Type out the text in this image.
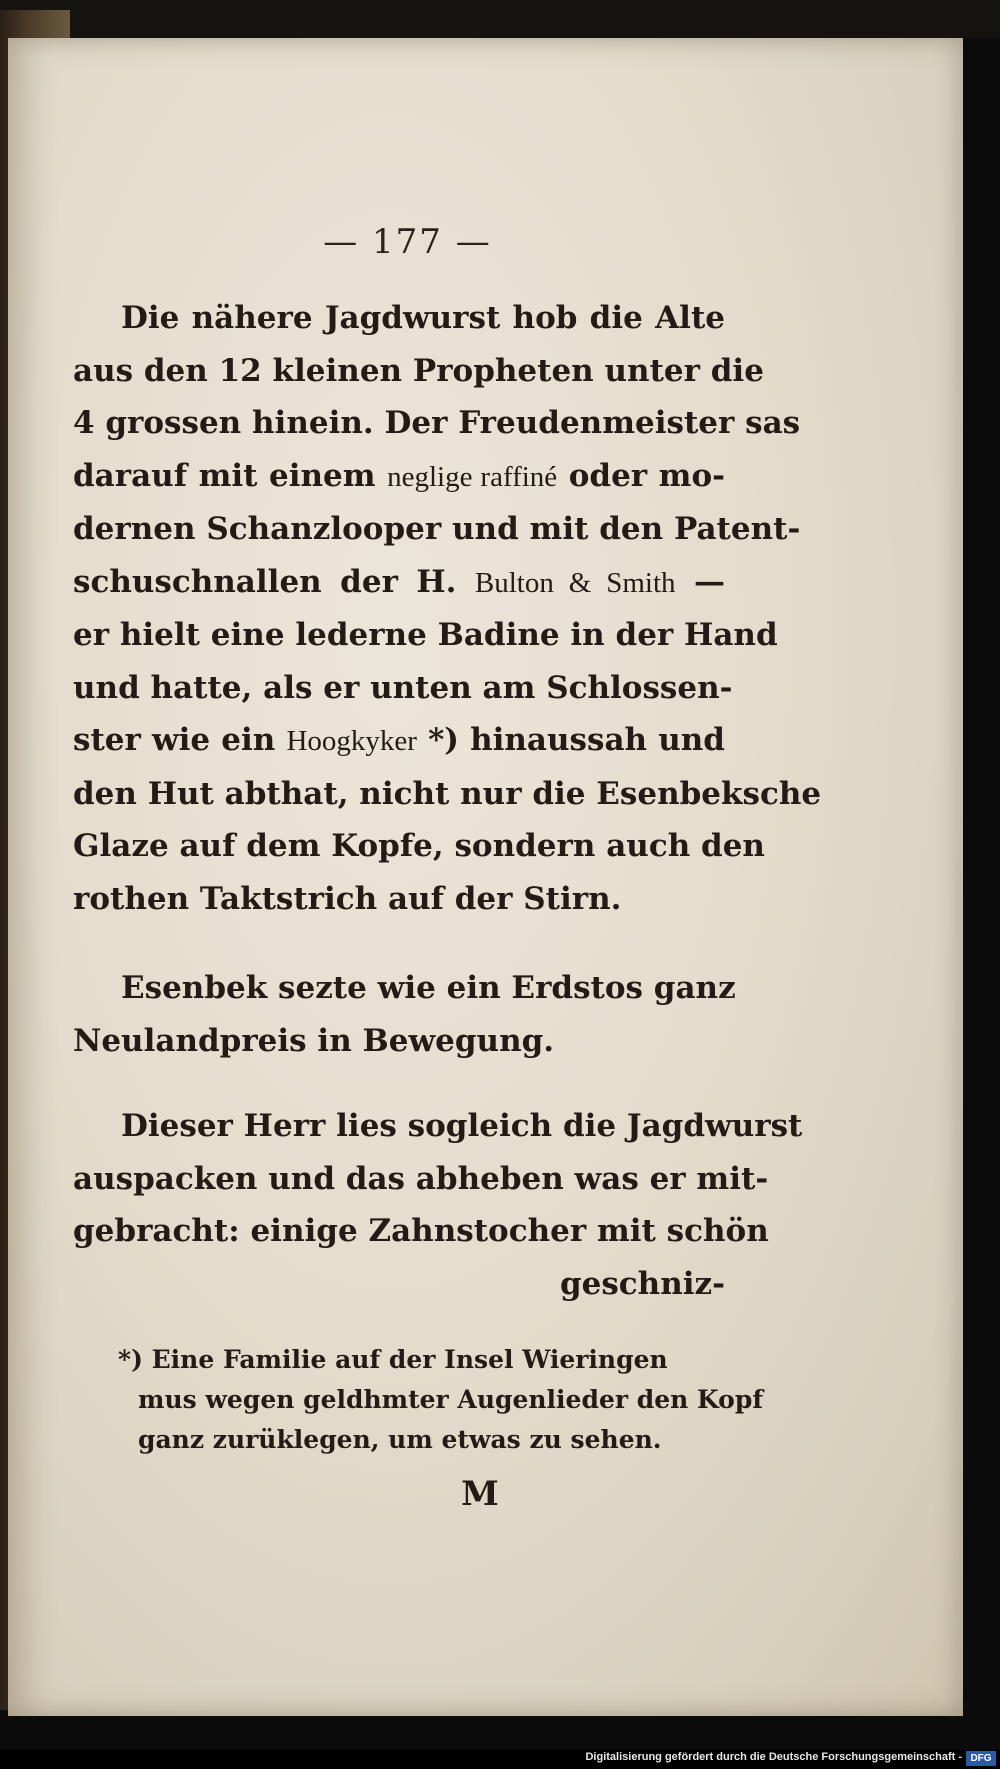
— 177 —
Die nähere Jagdwurst hob die Alte
aus den 12 kleinen Propheten unter die
4 grossen hinein. Der Freudenmeister sas
darauf mit einem neglige raffiné oder mo-
dernen Schanzlooper und mit den Patent-
schuschnallen der H. Bulton & Smith —
er hielt eine lederne Badine in der Hand
und hatte, als er unten am Schlossen-
ster wie ein Hoogkyker *) hinaussah und
den Hut abthat, nicht nur die Esenbeksche
Glaze auf dem Kopfe, sondern auch den
rothen Taktstrich auf der Stirn.
Esenbek sezte wie ein Erdstos ganz
Neulandpreis in Bewegung.
Dieser Herr lies sogleich die Jagdwurst
auspacken und das abheben was er mit-
gebracht: einige Zahnstocher mit schön
geschniz-
*) Eine Familie auf der Insel Wieringen
mus wegen geldhmter Augenlieder den Kopf
ganz zurüklegen, um etwas zu sehen.
M
Digitalisierung gefördert durch die Deutsche Forschungsgemeinschaft - DFG
